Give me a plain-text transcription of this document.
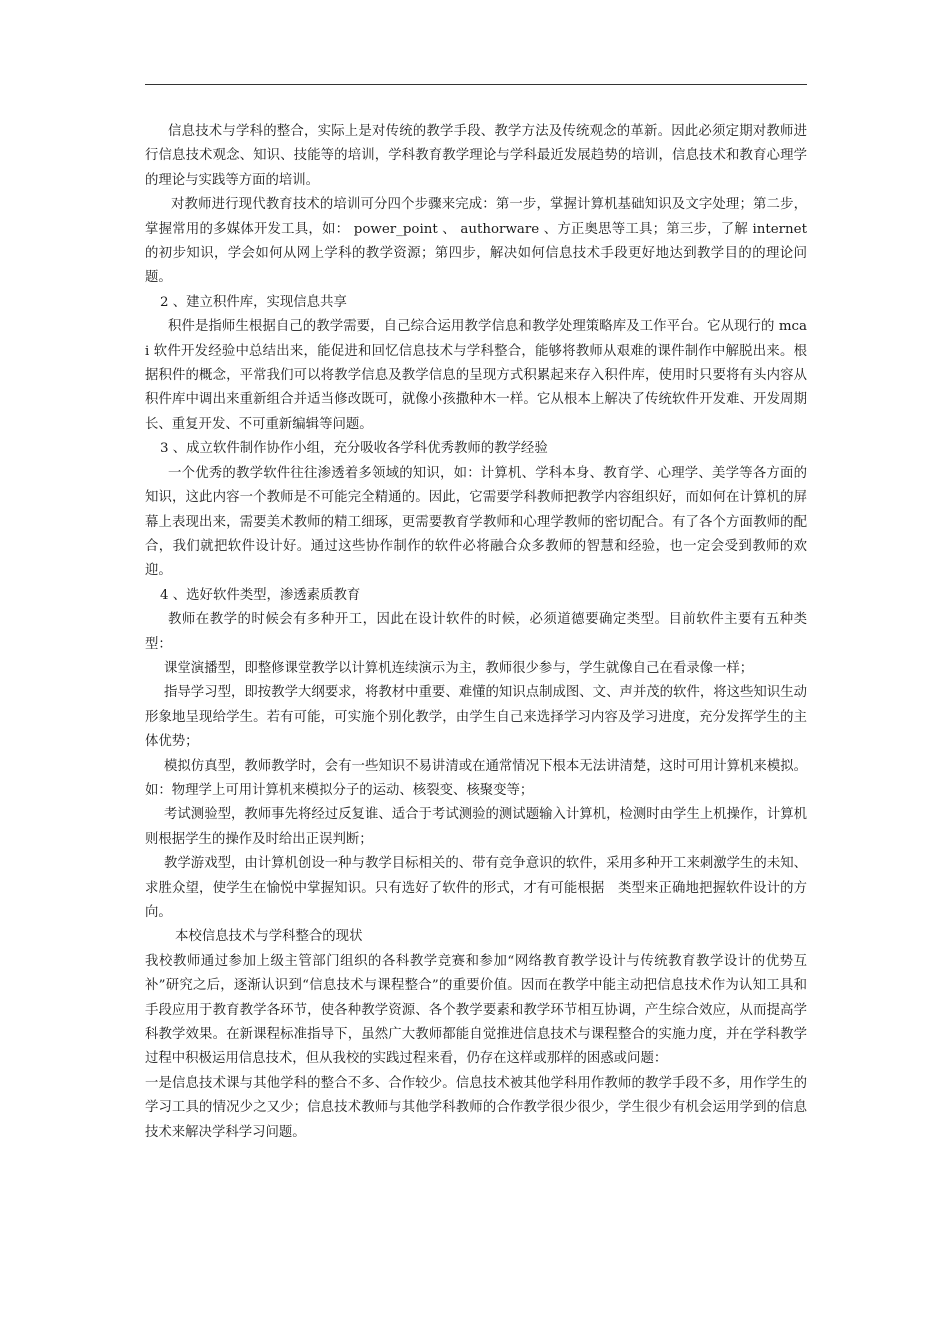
信息技术与学科的整合，实际上是对传统的教学手段、教学方法及传统观念的革新。因此必须定期对教师进行信息技术观念、知识、技能等的培训，学科教育教学理论与学科最近发展趋势的培训，信息技术和教育心理学的理论与实践等方面的培训。

对教师进行现代教育技术的培训可分四个步骤来完成：第一步，掌握计算机基础知识及文字处理；第二步，掌握常用的多媒体开发工具，如： power_point 、 authorware 、方正奥思等工具；第三步，了解 internet 的初步知识，学会如何从网上学科的教学资源；第四步，解决如何信息技术手段更好地达到教学目的的理论问题。

2 、建立积件库，实现信息共享

积件是指师生根据自己的教学需要，自己综合运用教学信息和教学处理策略库及工作平台。它从现行的 mcai 软件开发经验中总结出来，能促进和回忆信息技术与学科整合，能够将教师从艰难的课件制作中解脱出来。根据积件的概念，平常我们可以将教学信息及教学信息的呈现方式积累起来存入积件库，使用时只要将有头内容从积件库中调出来重新组合并适当修改既可，就像小孩撒种木一样。它从根本上解决了传统软件开发难、开发周期长、重复开发、不可重新编辑等问题。

3 、成立软件制作协作小组，充分吸收各学科优秀教师的教学经验

一个优秀的教学软件往往渗透着多领域的知识，如：计算机、学科本身、教育学、心理学、美学等各方面的知识，这此内容一个教师是不可能完全精通的。因此，它需要学科教师把教学内容组织好，而如何在计算机的屏幕上表现出来，需要美术教师的精工细琢，更需要教育学教师和心理学教师的密切配合。有了各个方面教师的配合，我们就把软件设计好。通过这些协作制作的软件必将融合众多教师的智慧和经验，也一定会受到教师的欢迎。

4 、选好软件类型，渗透素质教育

教师在教学的时候会有多种开工，因此在设计软件的时候，必须道德要确定类型。目前软件主要有五种类型：

课堂演播型，即整修课堂教学以计算机连续演示为主，教师很少参与，学生就像自己在看录像一样；

指导学习型，即按教学大纲要求，将教材中重要、难懂的知识点制成图、文、声并茂的软件，将这些知识生动形象地呈现给学生。若有可能，可实施个别化教学，由学生自己来选择学习内容及学习进度，充分发挥学生的主体优势；

模拟仿真型，教师教学时，会有一些知识不易讲清或在通常情况下根本无法讲清楚，这时可用计算机来模拟。如：物理学上可用计算机来模拟分子的运动、核裂变、核聚变等；

考试测验型，教师事先将经过反复谁、适合于考试测验的测试题输入计算机，检测时由学生上机操作，计算机则根据学生的操作及时给出正误判断；

教学游戏型，由计算机创设一种与教学目标相关的、带有竞争意识的软件，采用多种开工来刺激学生的未知、求胜众望，使学生在愉悦中掌握知识。只有选好了软件的形式，才有可能根据　类型来正确地把握软件设计的方向。

本校信息技术与学科整合的现状

我校教师通过参加上级主管部门组织的各科教学竞赛和参加“网络教育教学设计与传统教育教学设计的优势互补”研究之后，逐渐认识到“信息技术与课程整合”的重要价值。因而在教学中能主动把信息技术作为认知工具和手段应用于教育教学各环节，使各种教学资源、各个教学要素和教学环节相互协调，产生综合效应，从而提高学科教学效果。在新课程标准指导下，虽然广大教师都能自觉推进信息技术与课程整合的实施力度，并在学科教学过程中积极运用信息技术，但从我校的实践过程来看，仍存在这样或那样的困惑或问题：

一是信息技术课与其他学科的整合不多、合作较少。信息技术被其他学科用作教师的教学手段不多，用作学生的学习工具的情况少之又少；信息技术教师与其他学科教师的合作教学很少很少，学生很少有机会运用学到的信息技术来解决学科学习问题。
